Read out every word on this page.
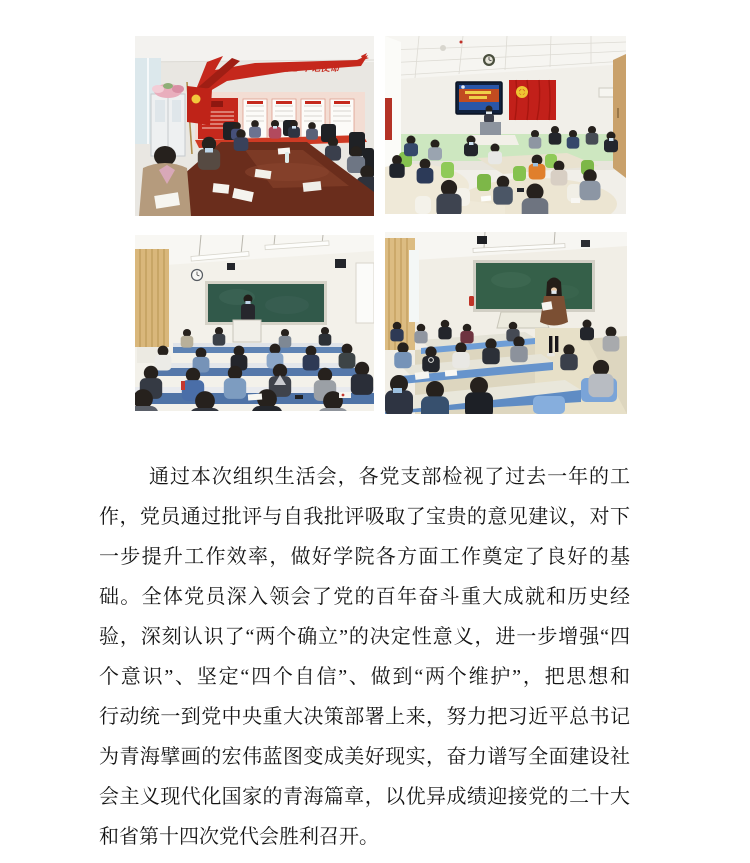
不忘初心 牢记使命
通过本次组织生活会，各党支部检视了过去一年的工
作，党员通过批评与自我批评吸取了宝贵的意见建议，对下
一步提升工作效率，做好学院各方面工作奠定了良好的基
础。全体党员深入领会了党的百年奋斗重大成就和历史经
验，深刻认识了“两个确立”的决定性意义，进一步增强“四
个意识”、坚定“四个自信”、做到“两个维护”，把思想和
行动统一到党中央重大决策部署上来，努力把习近平总书记
为青海擘画的宏伟蓝图变成美好现实，奋力谱写全面建设社
会主义现代化国家的青海篇章，以优异成绩迎接党的二十大
和省第十四次党代会胜利召开。
